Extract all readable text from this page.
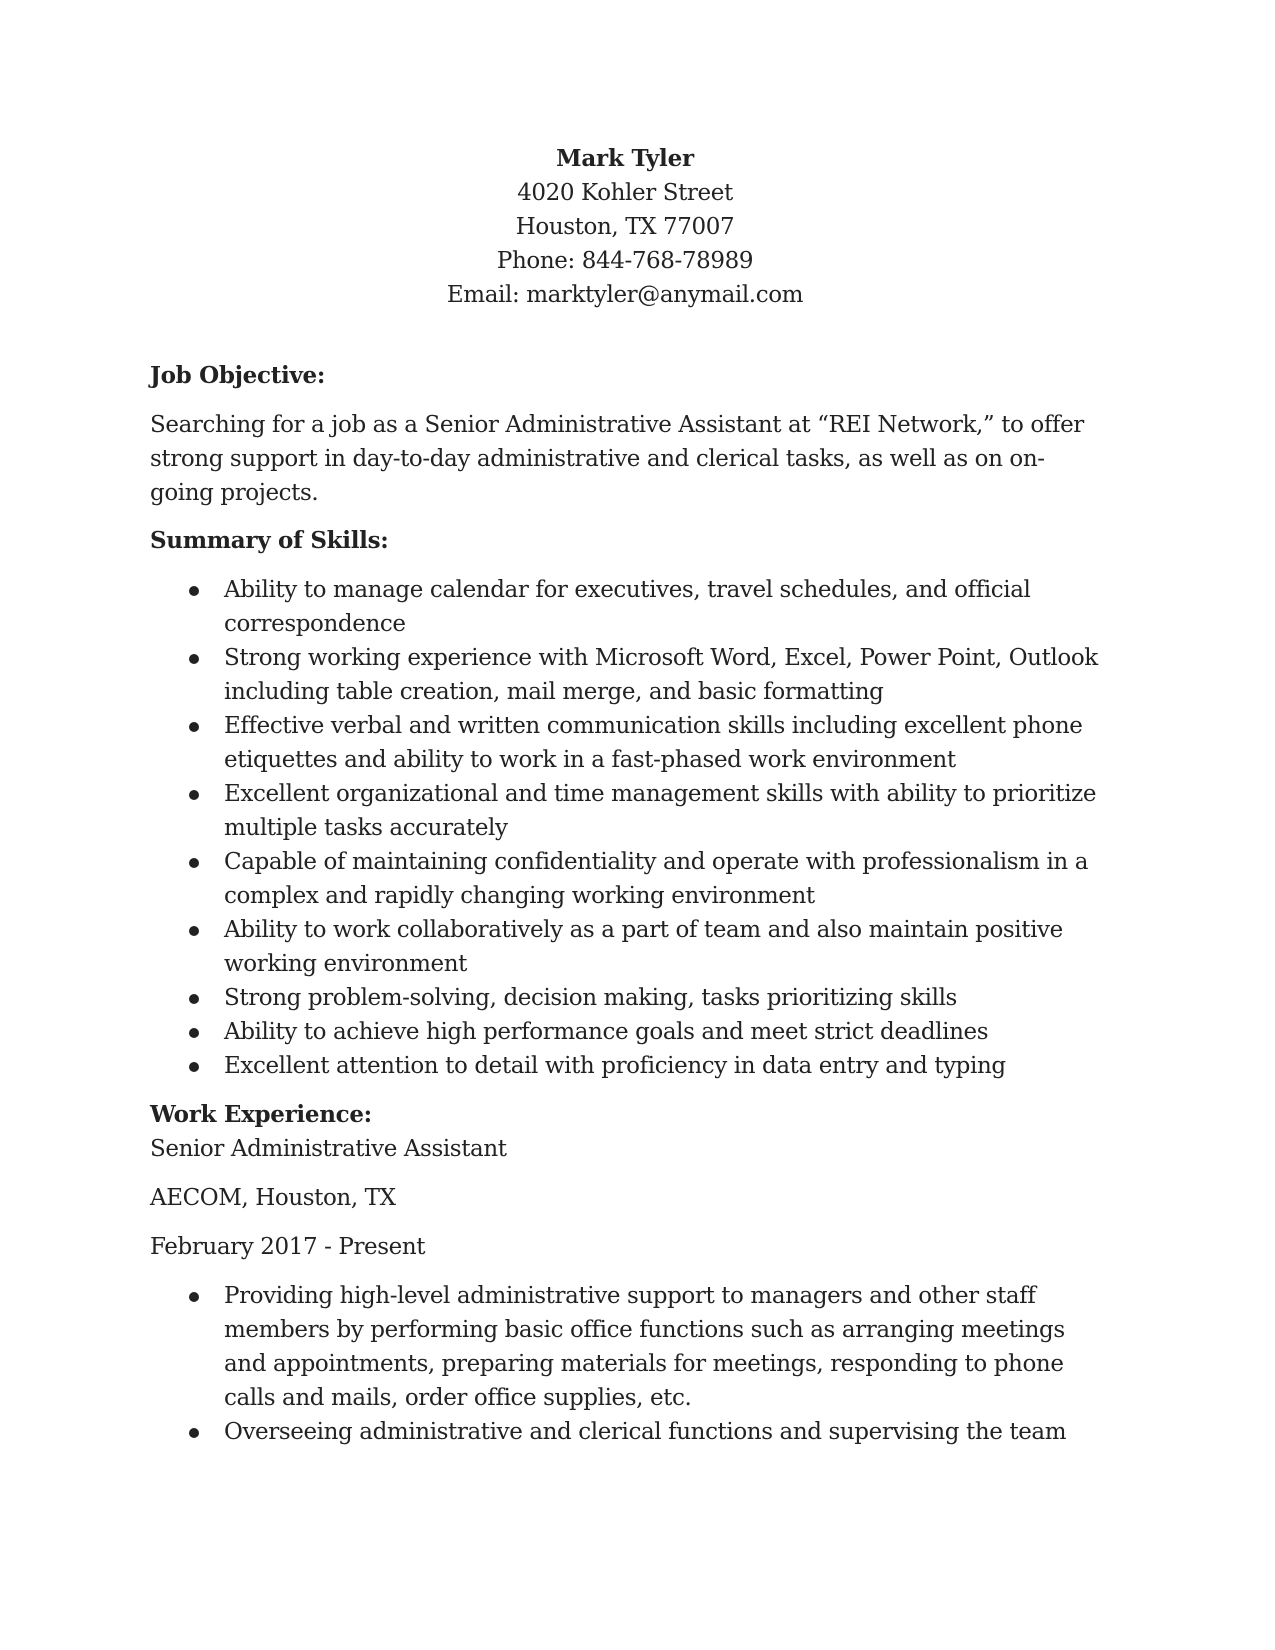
Mark Tyler
4020 Kohler Street
Houston, TX 77007
Phone: 844-768-78989
Email: marktyler@anymail.com
Job Objective:
Searching for a job as a Senior Administrative Assistant at “REI Network,” to offer strong support in day-to-day administrative and clerical tasks, as well as on on-going projects.
Summary of Skills:
Ability to manage calendar for executives, travel schedules, and official correspondence
Strong working experience with Microsoft Word, Excel, Power Point, Outlook including table creation, mail merge, and basic formatting
Effective verbal and written communication skills including excellent phone etiquettes and ability to work in a fast-phased work environment
Excellent organizational and time management skills with ability to prioritize multiple tasks accurately
Capable of maintaining confidentiality and operate with professionalism in a complex and rapidly changing working environment
Ability to work collaboratively as a part of team and also maintain positive working environment
Strong problem-solving, decision making, tasks prioritizing skills
Ability to achieve high performance goals and meet strict deadlines
Excellent attention to detail with proficiency in data entry and typing
Work Experience:
Senior Administrative Assistant
AECOM, Houston, TX
February 2017 - Present
Providing high-level administrative support to managers and other staff members by performing basic office functions such as arranging meetings and appointments, preparing materials for meetings, responding to phone calls and mails, order office supplies, etc.
Overseeing administrative and clerical functions and supervising the team
